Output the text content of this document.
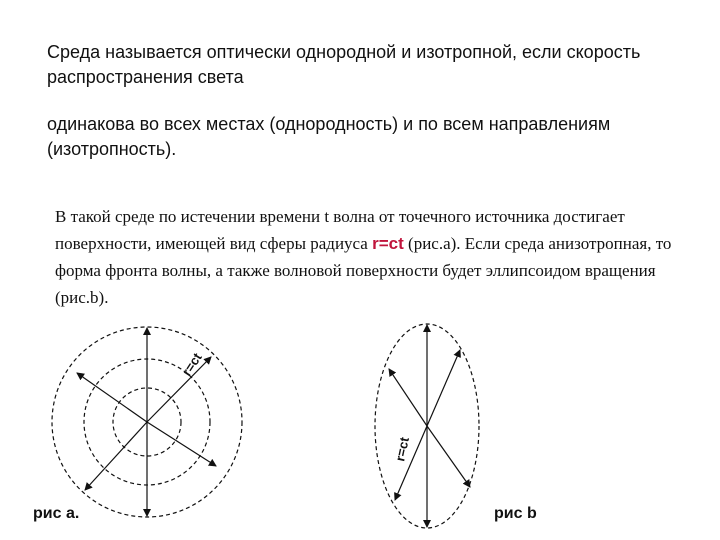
Среда называется оптически однородной и изотропной, если скорость распространения света
одинакова во всех местах (однородность) и по всем направлениям (изотропность).
В такой среде по истечении времени t волна от точечного источника достигает поверхности, имеющей вид сферы радиуса r=ct (рис.а). Если среда анизотропная, то форма фронта волны, а также волновой поверхности будет эллипсоидом вращения (рис.b).
r=ct
r=ct
рис а.	рис b
